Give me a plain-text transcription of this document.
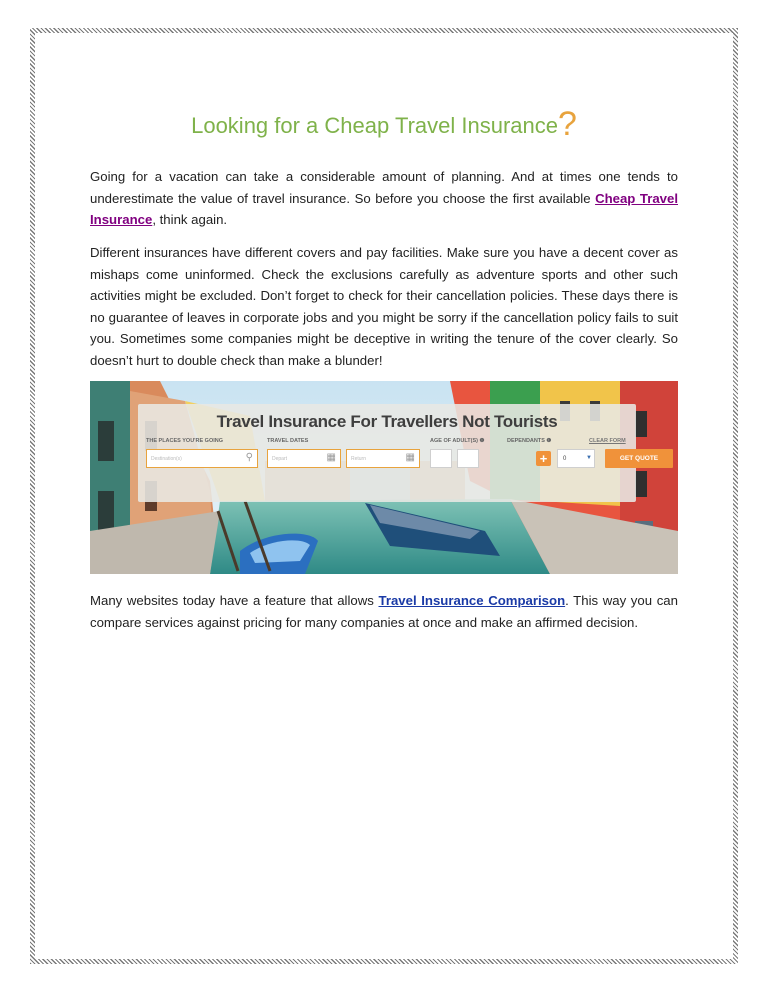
Looking for a Cheap Travel Insurance?

Going for a vacation can take a considerable amount of planning. And at times one tends to underestimate the value of travel insurance. So before you choose the first available Cheap Travel Insurance, think again.

Different insurances have different covers and pay facilities. Make sure you have a decent cover as mishaps come uninformed. Check the exclusions carefully as adventure sports and other such activities might be excluded. Don’t forget to check for their cancellation policies. These days there is no guarantee of leaves in corporate jobs and you might be sorry if the cancellation policy fails to suit you. Sometimes some companies might be deceptive in writing the tenure of the cover clearly. So doesn’t hurt to double check than make a blunder!

Travel Insurance For Travellers Not Tourists
THE PLACES YOU'RE GOING	TRAVEL DATES	AGE OF ADULT(S) ❶	DEPENDANTS ❶	CLEAR FORM
Destination(s)	⚲	Depart	▦	Return	▦	+	0	▼	GET QUOTE

Many websites today have a feature that allows Travel Insurance Comparison. This way you can compare services against pricing for many companies at once and make an affirmed decision.
